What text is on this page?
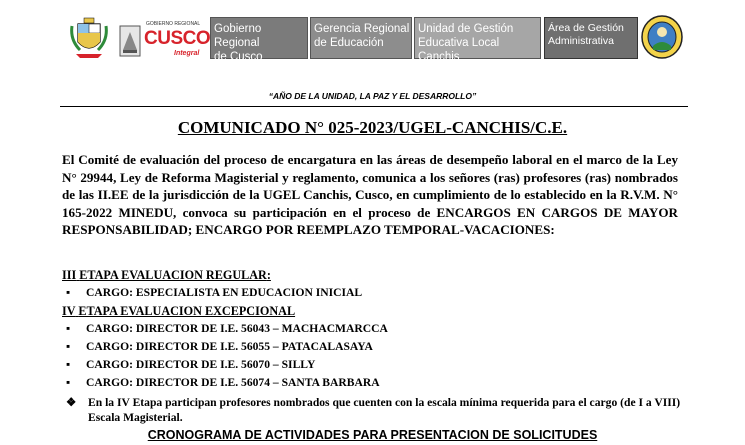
GOBIERNO REGIONAL
CUSCO
Integral
Gobierno Regional
de Cusco
Gerencia Regional
de Educación
Unidad de Gestión
Educativa Local Canchis
Área de Gestión
Administrativa
“AÑO DE LA UNIDAD, LA PAZ Y EL DESARROLLO”
COMUNICADO N° 025-2023/UGEL-CANCHIS/C.E.

El Comité de evaluación del proceso de encargatura en las áreas de desempeño laboral en el marco de la Ley N° 29944, Ley de Reforma Magisterial y reglamento, comunica a los señores (ras) profesores (ras) nombrados de las II.EE de la jurisdicción de la UGEL Canchis, Cusco, en cumplimiento de lo establecido en la R.V.M. N° 165-2022 MINEDU, convoca su participación en el proceso de ENCARGOS EN CARGOS DE MAYOR RESPONSABILIDAD; ENCARGO POR REEMPLAZO TEMPORAL-VACACIONES:

III ETAPA EVALUACION REGULAR:
▪ CARGO: ESPECIALISTA EN EDUCACION INICIAL
IV ETAPA EVALUACION EXCEPCIONAL
▪ CARGO: DIRECTOR DE I.E. 56043 – MACHACMARCCA
▪ CARGO: DIRECTOR DE I.E. 56055 – PATACALASAYA
▪ CARGO: DIRECTOR DE I.E. 56070 – SILLY
▪ CARGO: DIRECTOR DE I.E. 56074 – SANTA BARBARA
❖ En la IV Etapa participan profesores nombrados que cuenten con la escala mínima requerida para el cargo (de I a VIII) Escala Magisterial.
CRONOGRAMA DE ACTIVIDADES PARA PRESENTACION DE SOLICITUDES
